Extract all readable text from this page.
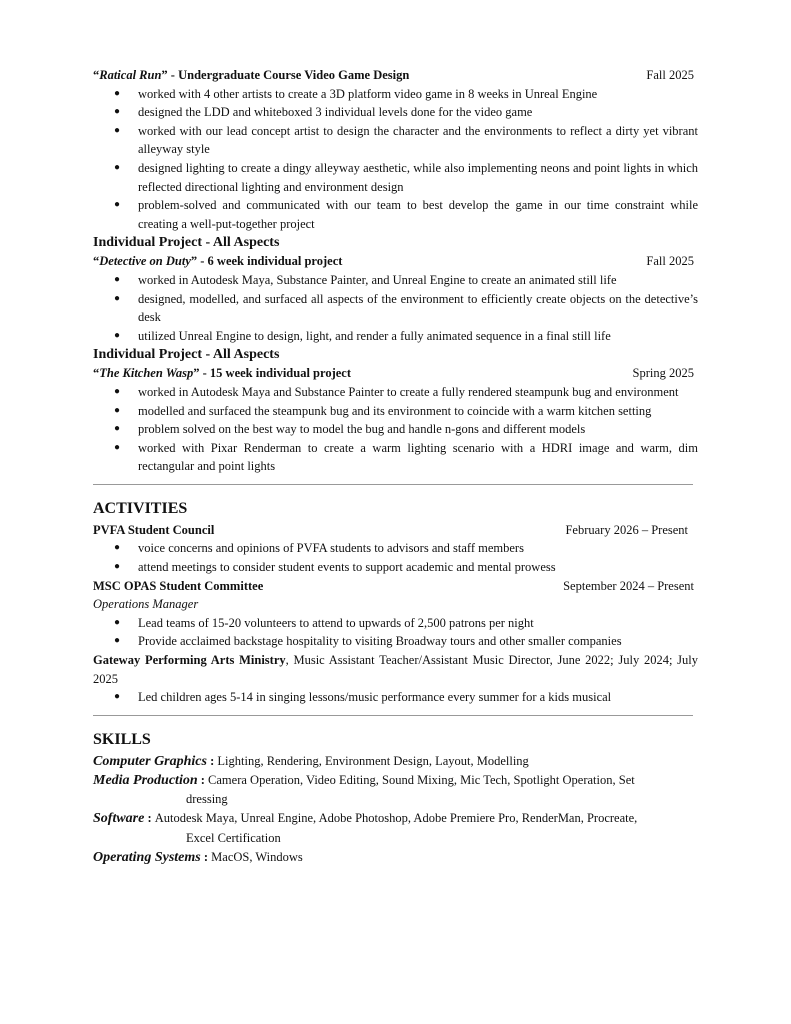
“Ratical Run” - Undergraduate Course Video Game Design	Fall 2025
● worked with 4 other artists to create a 3D platform video game in 8 weeks in Unreal Engine
● designed the LDD and whiteboxed 3 individual levels done for the video game
● worked with our lead concept artist to design the character and the environments to reflect a dirty yet vibrant alleyway style
● designed lighting to create a dingy alleyway aesthetic, while also implementing neons and point lights in which reflected directional lighting and environment design
● problem-solved and communicated with our team to best develop the game in our time constraint while creating a well-put-together project
Individual Project - All Aspects
“Detective on Duty” - 6 week individual project	Fall 2025
● worked in Autodesk Maya, Substance Painter, and Unreal Engine to create an animated still life
● designed, modelled, and surfaced all aspects of the environment to efficiently create objects on the detective’s desk
● utilized Unreal Engine to design, light, and render a fully animated sequence in a final still life
Individual Project - All Aspects
“The Kitchen Wasp” - 15 week individual project	Spring 2025
● worked in Autodesk Maya and Substance Painter to create a fully rendered steampunk bug and environment
● modelled and surfaced the steampunk bug and its environment to coincide with a warm kitchen setting
● problem solved on the best way to model the bug and handle n-gons and different models
● worked with Pixar Renderman to create a warm lighting scenario with a HDRI image and warm, dim rectangular and point lights
ACTIVITIES
PVFA Student Council	February 2026 – Present
● voice concerns and opinions of PVFA students to advisors and staff members
● attend meetings to consider student events to support academic and mental prowess
MSC OPAS Student Committee	September 2024 – Present
Operations Manager
● Lead teams of 15-20 volunteers to attend to upwards of 2,500 patrons per night
● Provide acclaimed backstage hospitality to visiting Broadway tours and other smaller companies
Gateway Performing Arts Ministry, Music Assistant Teacher/Assistant Music Director, June 2022; July 2024; July 2025
● Led children ages 5-14 in singing lessons/music performance every summer for a kids musical
SKILLS
Computer Graphics : Lighting, Rendering, Environment Design, Layout, Modelling
Media Production : Camera Operation, Video Editing, Sound Mixing, Mic Tech, Spotlight Operation, Set
dressing
Software : Autodesk Maya, Unreal Engine, Adobe Photoshop, Adobe Premiere Pro, RenderMan, Procreate,
Excel Certification
Operating Systems : MacOS, Windows
